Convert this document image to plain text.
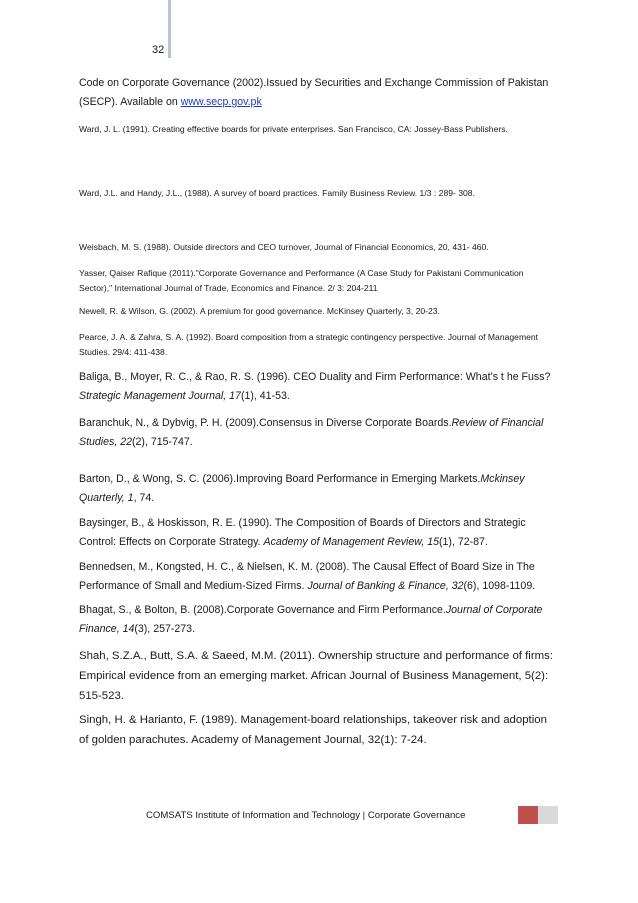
32

Code on Corporate Governance (2002).Issued by Securities and Exchange Commission of Pakistan (SECP). Available on www.secp.gov.pk

Ward, J. L. (1991). Creating effective boards for private enterprises. San Francisco, CA: Jossey-Bass Publishers.

Ward, J.L. and Handy, J.L., (1988). A survey of board practices. Family Business Review. 1/3 : 289- 308.

Weisbach, M. S. (1988). Outside directors and CEO turnover, Journal of Financial Economics, 20, 431- 460.

Yasser, Qaiser Rafique (2011)."Corporate Governance and Performance (A Case Study for Pakistani Communication Sector)," International Journal of Trade, Economics and Finance. 2/ 3: 204-211

Newell, R. & Wilson, G. (2002). A premium for good governance. McKinsey Quarterly, 3, 20-23.

Pearce, J. A. & Zahra, S. A. (1992). Board composition from a strategic contingency perspective. Journal of Management Studies. 29/4: 411-438.

Baliga, B., Moyer, R. C., & Rao, R. S. (1996). CEO Duality and Firm Performance: What’s t he Fuss? Strategic Management Journal, 17(1), 41-53.

Baranchuk, N., & Dybvig, P. H. (2009).Consensus in Diverse Corporate Boards.Review of Financial Studies, 22(2), 715-747.

Barton, D., & Wong, S. C. (2006).Improving Board Performance in Emerging Markets.Mckinsey Quarterly, 1, 74.

Baysinger, B., & Hoskisson, R. E. (1990). The Composition of Boards of Directors and Strategic Control: Effects on Corporate Strategy. Academy of Management Review, 15(1), 72-87.

Bennedsen, M., Kongsted, H. C., & Nielsen, K. M. (2008). The Causal Effect of Board Size in The Performance of Small and Medium-Sized Firms. Journal of Banking & Finance, 32(6), 1098-1109.

Bhagat, S., & Bolton, B. (2008).Corporate Governance and Firm Performance.Journal of Corporate Finance, 14(3), 257-273.

Shah, S.Z.A., Butt, S.A. & Saeed, M.M. (2011). Ownership structure and performance of firms: Empirical evidence from an emerging market. African Journal of Business Management, 5(2): 515-523.

Singh, H. & Harianto, F. (1989). Management-board relationships, takeover risk and adoption of golden parachutes. Academy of Management Journal, 32(1): 7-24.

COMSATS Institute of Information and Technology | Corporate Governance
